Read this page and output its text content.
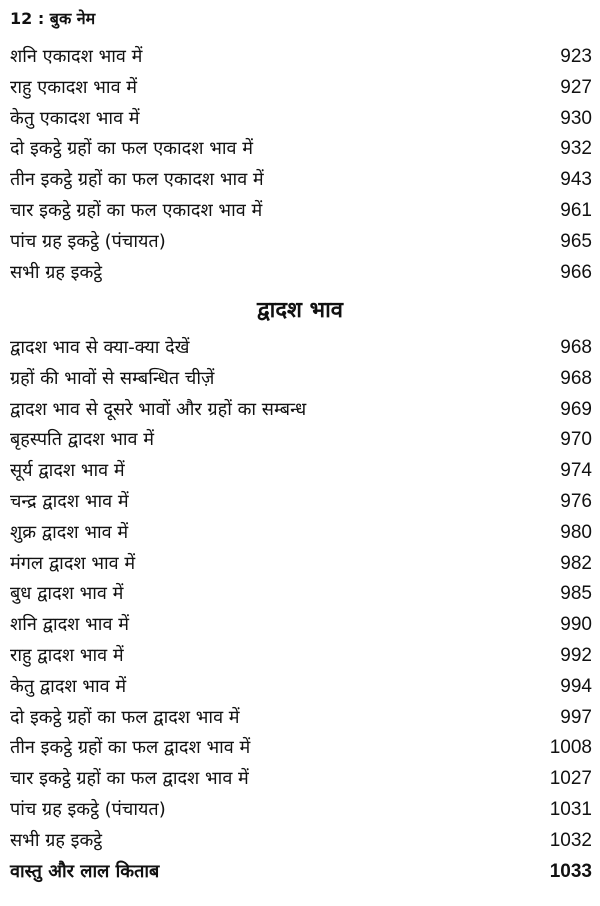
12 : बुक नेम
शनि एकादश भाव में	923
राहु एकादश भाव में	927
केतु एकादश भाव में	930
दो इकट्ठे ग्रहों का फल एकादश भाव में	932
तीन इकट्ठे ग्रहों का फल एकादश भाव में	943
चार इकट्ठे ग्रहों का फल एकादश भाव में	961
पांच ग्रह इकट्ठे (पंचायत)	965
सभी ग्रह इकट्ठे	966
द्वादश भाव
द्वादश भाव से क्या-क्या देखें	968
ग्रहों की भावों से सम्बन्धित चीज़ें	968
द्वादश भाव से दूसरे भावों और ग्रहों का सम्बन्ध	969
बृहस्पति द्वादश भाव में	970
सूर्य द्वादश भाव में	974
चन्द्र द्वादश भाव में	976
शुक्र द्वादश भाव में	980
मंगल द्वादश भाव में	982
बुध द्वादश भाव में	985
शनि द्वादश भाव में	990
राहु द्वादश भाव में	992
केतु द्वादश भाव में	994
दो इकट्ठे ग्रहों का फल द्वादश भाव में	997
तीन इकट्ठे ग्रहों का फल द्वादश भाव में	1008
चार इकट्ठे ग्रहों का फल द्वादश भाव में	1027
पांच ग्रह इकट्ठे (पंचायत)	1031
सभी ग्रह इकट्ठे	1032
वास्तु और लाल किताब	1033
